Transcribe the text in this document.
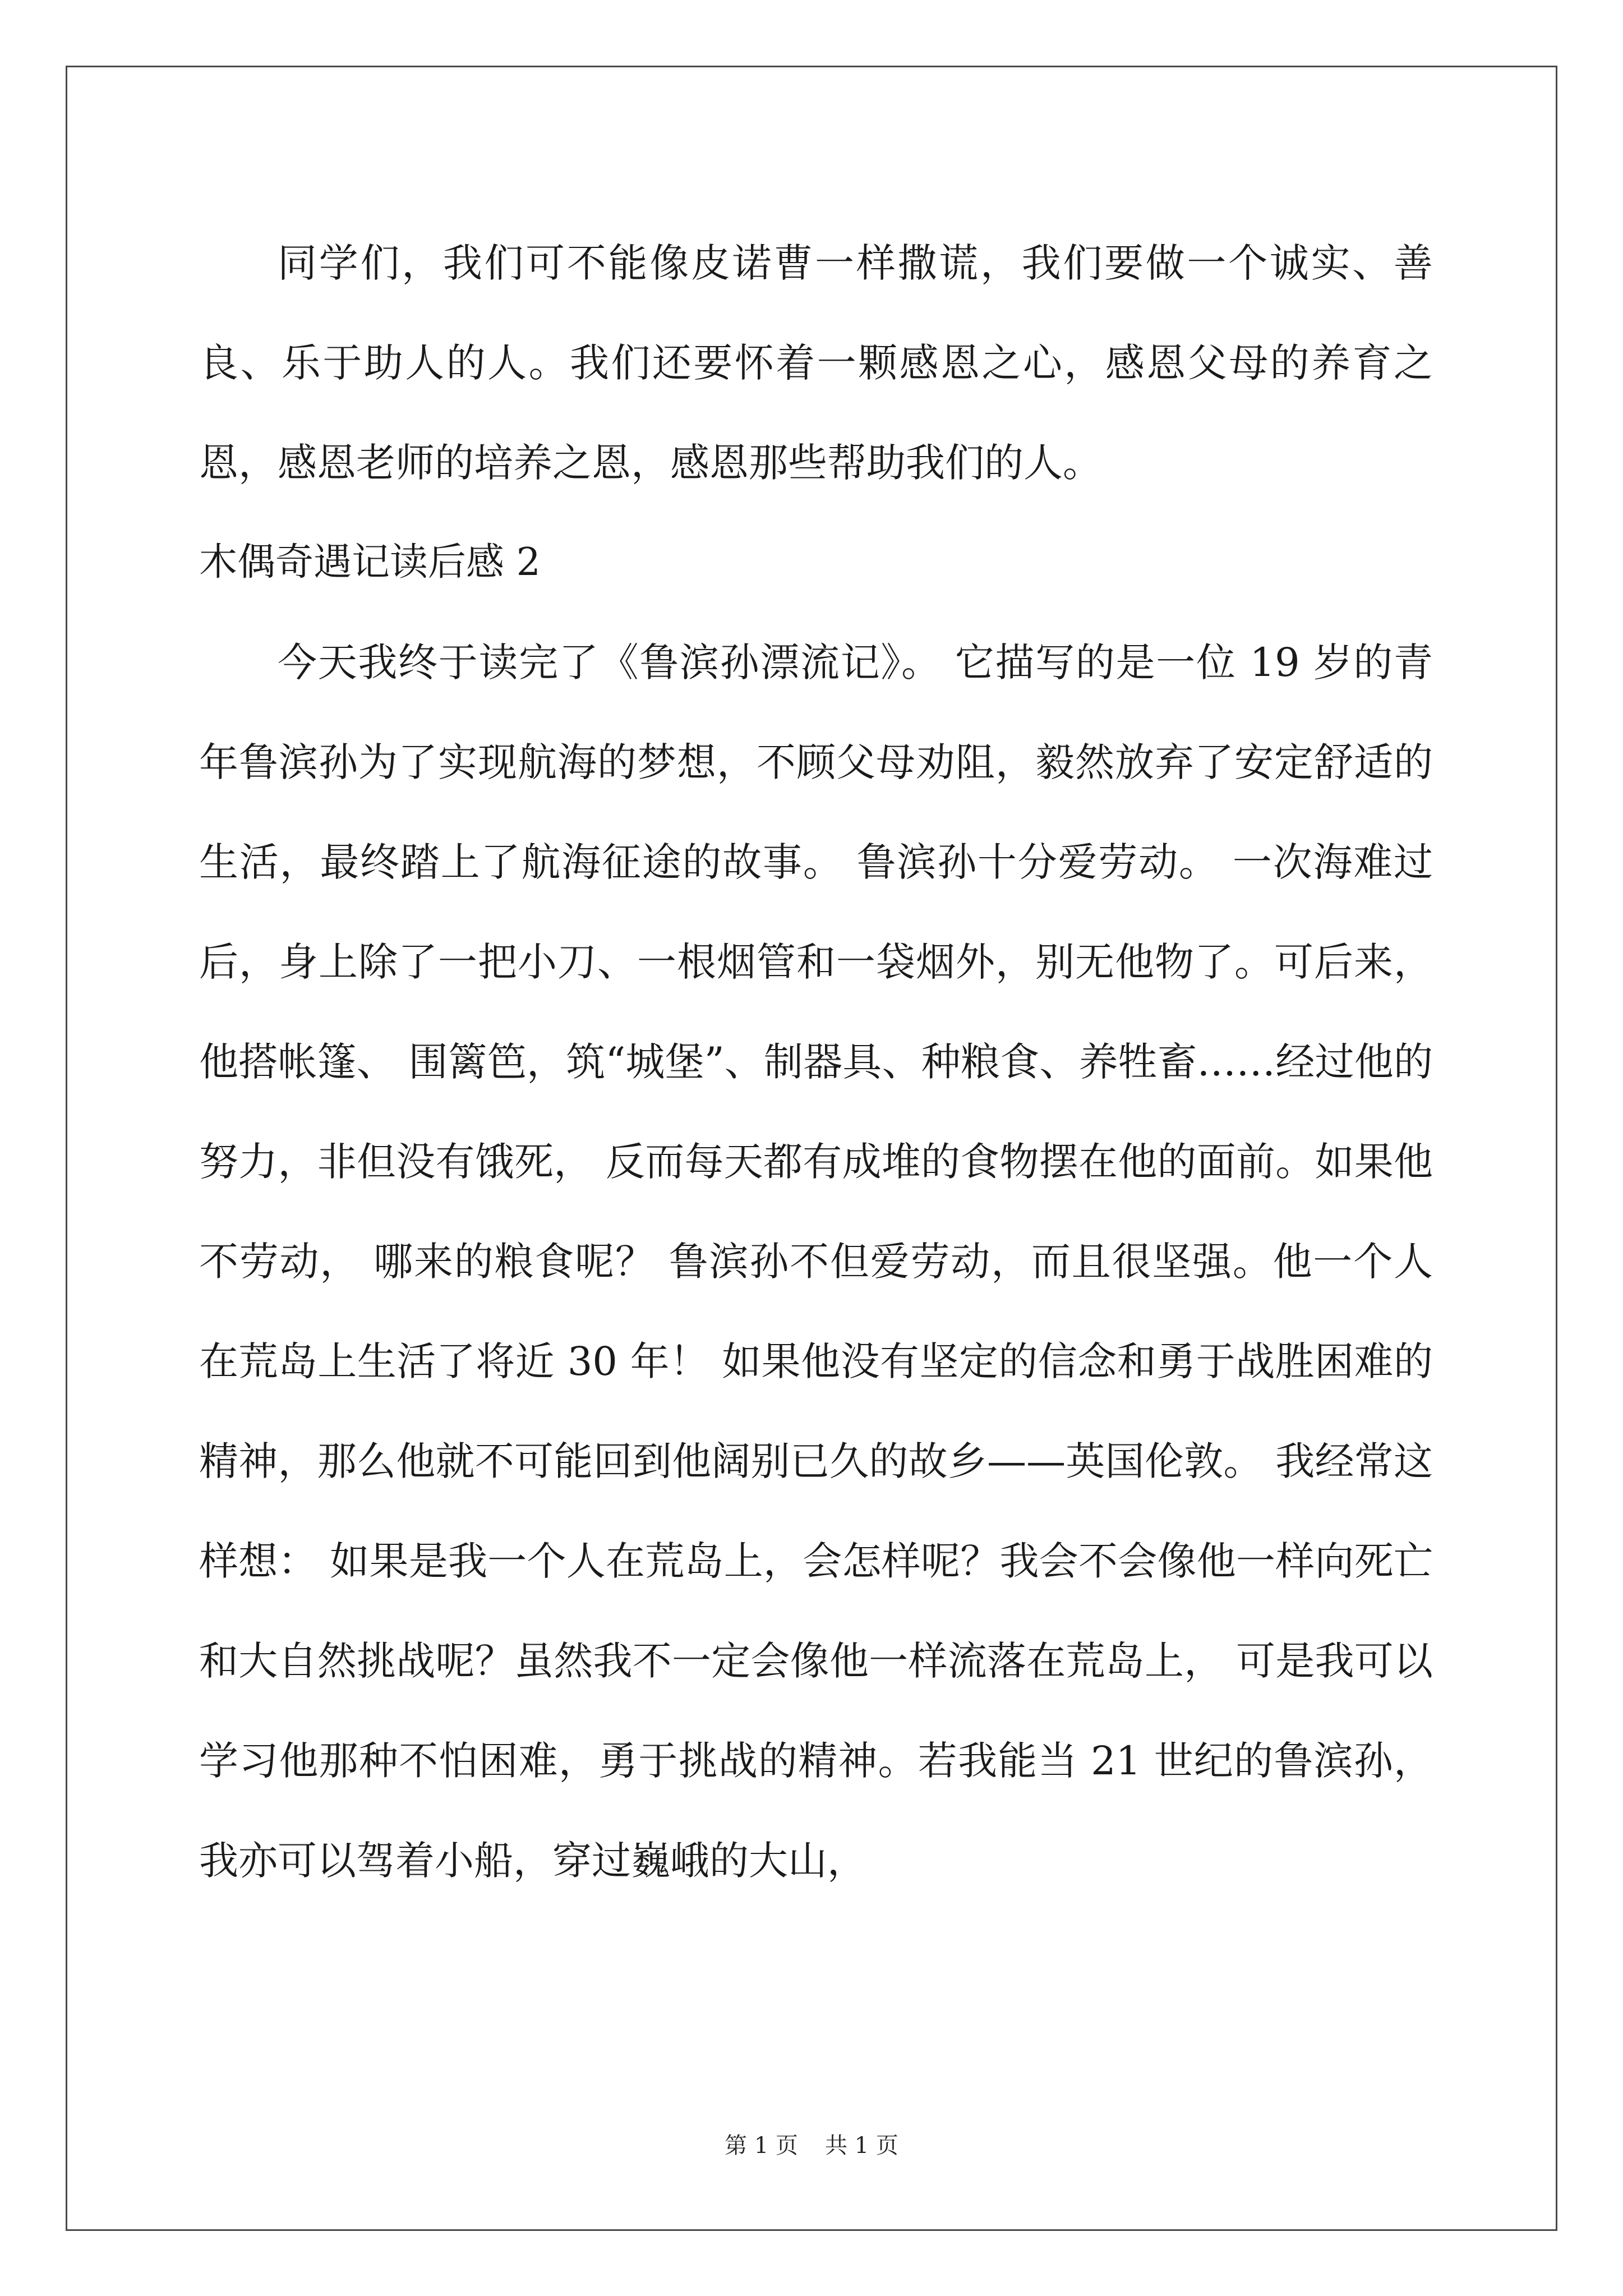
同学们，我们可不能像皮诺曹一样撒谎，我们要做一个诚实、善良、乐于助人的人。我们还要怀着一颗感恩之心，感恩父母的养育之恩，感恩老师的培养之恩，感恩那些帮助我们的人。

木偶奇遇记读后感 2

今天我终于读完了《鲁滨孙漂流记》。 它描写的是一位 19 岁的青年鲁滨孙为了实现航海的梦想，不顾父母劝阻，毅然放弃了安定舒适的生活，最终踏上了航海征途的故事。 鲁滨孙十分爱劳动。 一次海难过后，身上除了一把小刀、一根烟管和一袋烟外，别无他物了。可后来， 他搭帐篷、 围篱笆，筑“城堡”、制器具、种粮食、养牲畜……经过他的努力，非但没有饿死， 反而每天都有成堆的食物摆在他的面前。如果他不劳动， 哪来的粮食呢？ 鲁滨孙不但爱劳动，而且很坚强。他一个人在荒岛上生活了将近 30 年！ 如果他没有坚定的信念和勇于战胜困难的精神，那么他就不可能回到他阔别已久的故乡——英国伦敦。 我经常这样想： 如果是我一个人在荒岛上，会怎样呢？我会不会像他一样向死亡和大自然挑战呢？虽然我不一定会像他一样流落在荒岛上， 可是我可以学习他那种不怕困难，勇于挑战的精神。若我能当 21 世纪的鲁滨孙，我亦可以驾着小船，穿过巍峨的大山，

第 1 页 共 1 页
